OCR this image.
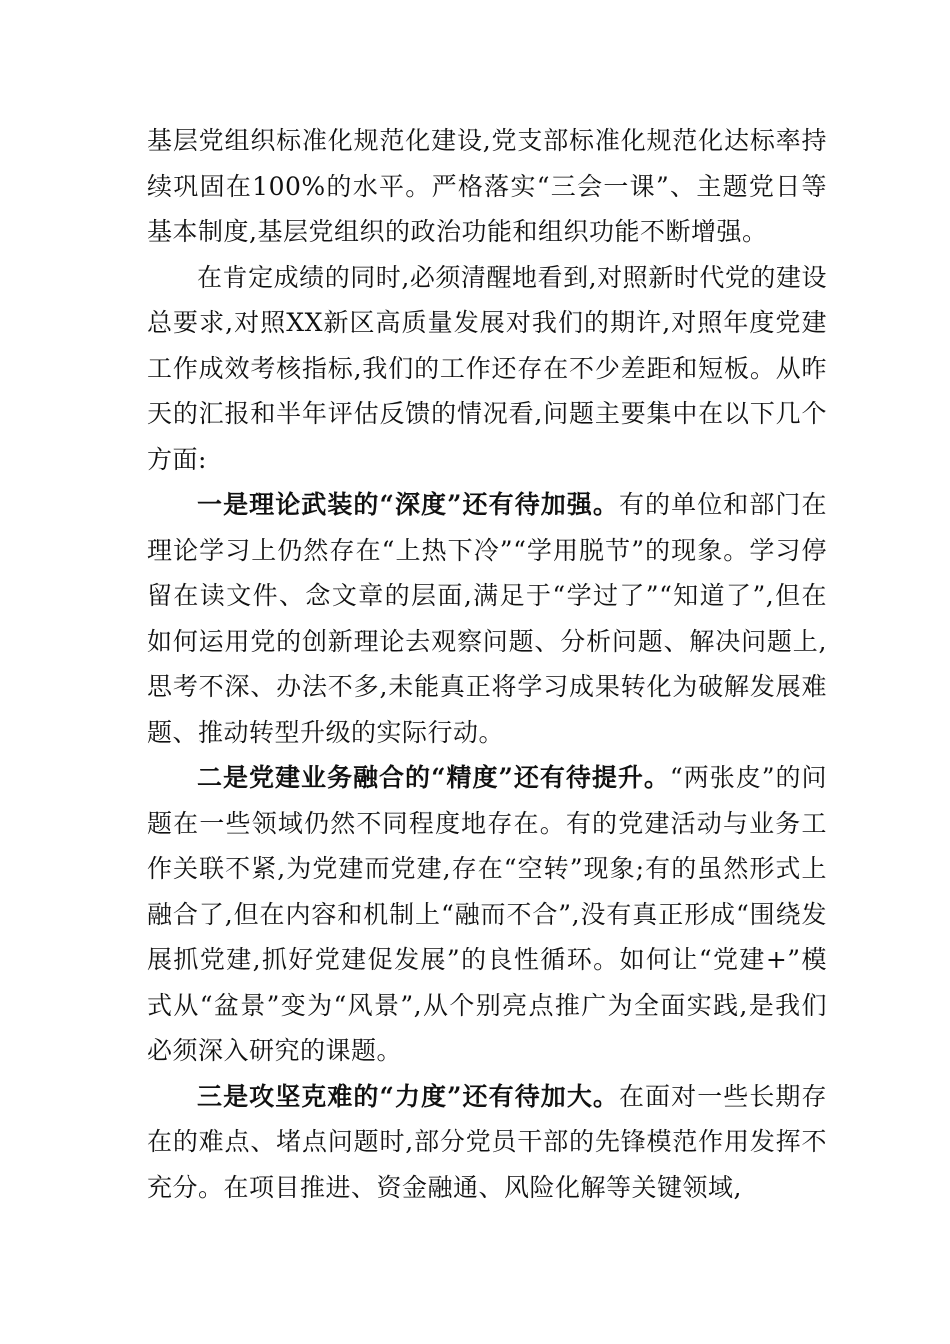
基层党组织标准化规范化建设,党支部标准化规范化达标率持续巩固在100%的水平。严格落实“三会一课”、主题党日等基本制度,基层党组织的政治功能和组织功能不断增强。

在肯定成绩的同时,必须清醒地看到,对照新时代党的建设总要求,对照XX新区高质量发展对我们的期许,对照年度党建工作成效考核指标,我们的工作还存在不少差距和短板。从昨天的汇报和半年评估反馈的情况看,问题主要集中在以下几个方面:

一是理论武装的“深度”还有待加强。有的单位和部门在理论学习上仍然存在“上热下冷”“学用脱节”的现象。学习停留在读文件、念文章的层面,满足于“学过了”“知道了”,但在如何运用党的创新理论去观察问题、分析问题、解决问题上,思考不深、办法不多,未能真正将学习成果转化为破解发展难题、推动转型升级的实际行动。

二是党建业务融合的“精度”还有待提升。“两张皮”的问题在一些领域仍然不同程度地存在。有的党建活动与业务工作关联不紧,为党建而党建,存在“空转”现象;有的虽然形式上融合了,但在内容和机制上“融而不合”,没有真正形成“围绕发展抓党建,抓好党建促发展”的良性循环。如何让“党建+”模式从“盆景”变为“风景”,从个别亮点推广为全面实践,是我们必须深入研究的课题。

三是攻坚克难的“力度”还有待加大。在面对一些长期存在的难点、堵点问题时,部分党员干部的先锋模范作用发挥不充分。在项目推进、资金融通、风险化解等关键领域,
